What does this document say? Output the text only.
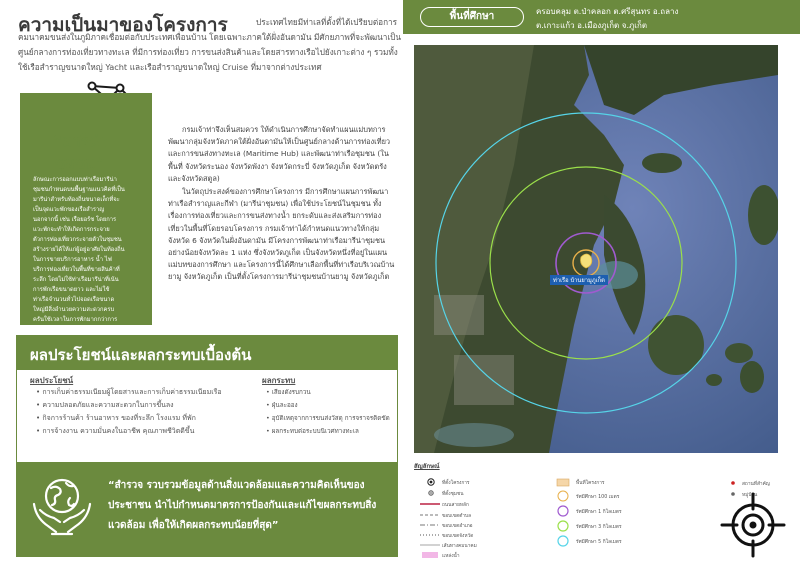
ความเป็นมาของโครงการ	ประเทศไทยมีท่าเลที่ตั้งที่ได้เปรียบต่อการคมนาคมขนส่งในภูมิภาคเชื่อมต่อกับประเทศเพื่อนบ้าน โดยเฉพาะภาคใต้ฝั่งอันดามัน มีศักยภาพที่จะพัฒนาเป็นศูนย์กลางการท่องเที่ยวทางทะเล ที่มีการท่องเที่ยว การขนส่งสินค้าและโดยสารทางเรือไปยังเกาะต่าง ๆ รวมทั้งใช้เรือสำราญขนาดใหญ่ Yacht และเรือสำราญขนาดใหญ่ Cruise ที่มาจากต่างประเทศ
“มารีน่า
ชุมชน”
ลักษณะการออกแบบท่าเรือมารีน่าชุมชนกำหนดบนพื้นฐานแนวคิดที่เป็นมารีน่าสำหรับท้องถิ่นขนาดเล็กที่จะเป็นจุดแวะพักของเรือสำราญนอกจากนี้ เช่น เรือยอร์ช โดยการแวะพักจะทำให้เกิดการกระจายตัวการท่องเที่ยวกระจายตัวในชุมชน สร้างรายได้ให้แก่ผู้อยู่อาศัยในท้องถิ่นในการขายบริการอาหาร น้ำ ไฟ บริการท่องเที่ยวในพื้นที่ขายสินค้าที่ระลึก โดยไม่ใช้ท่าเรือมารีน่าที่เน้นการพักเรือขนาดยาว และไม่ใช้ท่าเรือจำนวนทั่วไปจอดเรือขนาดใหญ่มีสิ่งอำนวยความสะดวกครบครันใช้เวลาในการพักมากกว่าการสัญจรทางเรือ

กรมเจ้าท่าจึงเห็นสมควร ให้ดำเนินการศึกษาจัดทำแผนแม่บทการพัฒนากลุ่มจังหวัดภาคใต้ฝั่งอันดามันให้เป็นศูนย์กลางด้านการท่องเที่ยวและการขนส่งทางทะเล (Maritime Hub) และพัฒนาท่าเรือชุมชน (ในพื้นที่ จังหวัดระนอง จังหวัดพังงา จังหวัดกระบี่ จังหวัดภูเก็ต จังหวัดตรัง และจังหวัดสตูล)

ในวัตถุประสงค์ของการศึกษาโครงการ มีการศึกษาแผนการพัฒนาท่าเรือสำราญและกีฬา (มารีน่าชุมชน) เพื่อใช้ประโยชน์ในชุมชน ทั้งเรื่องการท่องเที่ยวและการขนส่งทางน้ำ ยกระดับและส่งเสริมการท่องเที่ยวในพื้นที่โดยรอบโครงการ กรมเจ้าท่าได้กำหนดแนวทางให้กลุ่มจังหวัด 6 จังหวัดในฝั่งอันดามัน มีโครงการพัฒนาท่าเรือมารีน่าชุมชนอย่างน้อยจังหวัดละ 1 แห่ง ซึ่งจังหวัดภูเก็ต เป็นจังหวัดหนึ่งที่อยู่ในแผนแม่บทของการศึกษา และโครงการนี้ได้ศึกษาเลือกพื้นที่ท่าเรือบริเวณบ้านยามู จังหวัดภูเก็ต เป็นที่ตั้งโครงการมารีน่าชุมชนบ้านยามู จังหวัดภูเก็ต

ผลประโยชน์และผลกระทบเบื้องต้น
ผลประโยชน์
• การเก็บค่าธรรมเนียมผู้โดยสารและการเก็บค่าธรรมเนียมเรือ
• ความปลอดภัยและความสะดวกในการขึ้นลง
• กิจการร้านค้า ร้านอาหาร ของที่ระลึก โรงแรม ที่พัก
• การจ้างงาน ความมั่นคงในอาชีพ คุณภาพชีวิตดีขึ้น
ผลกระทบ
• เสียงดังรบกวน
• ฝุ่นละออง
• อุบัติเหตุจากการขนส่งวัสดุ การจราจรติดขัด
• ผลกระทบต่อระบบนิเวศทางทะเล
“สำรวจ รวบรวมข้อมูลด้านสิ่งแวดล้อมและความคิดเห็นของประชาชน นำไปกำหนดมาตรการป้องกันและแก้ไขผลกระทบสิ่งแวดล้อม เพื่อให้เกิดผลกระทบน้อยที่สุด”
พื้นที่ศึกษา	ครอบคลุม ต.ป่าคลอก ต.ศรีสุนทร อ.ถลาง
ต.เกาะแก้ว อ.เมืองภูเก็ต จ.ภูเก็ต
ท่าเรือ บ้านยามูภูเก็ต
สัญลักษณ์
ที่ตั้งโครงการ
ที่ตั้งชุมชน
ถนนสายหลัก
ขอบเขตตำบล
ขอบเขตอำเภอ
ขอบเขตจังหวัด
เส้นทางคมนาคม
แหล่งน้ำ
พื้นที่โครงการ
รัศมีศึกษา 100 เมตร
รัศมีศึกษา 1 กิโลเมตร
รัศมีศึกษา 3 กิโลเมตร
รัศมีศึกษา 5 กิโลเมตร
สถานที่สำคัญ
หมู่บ้าน
